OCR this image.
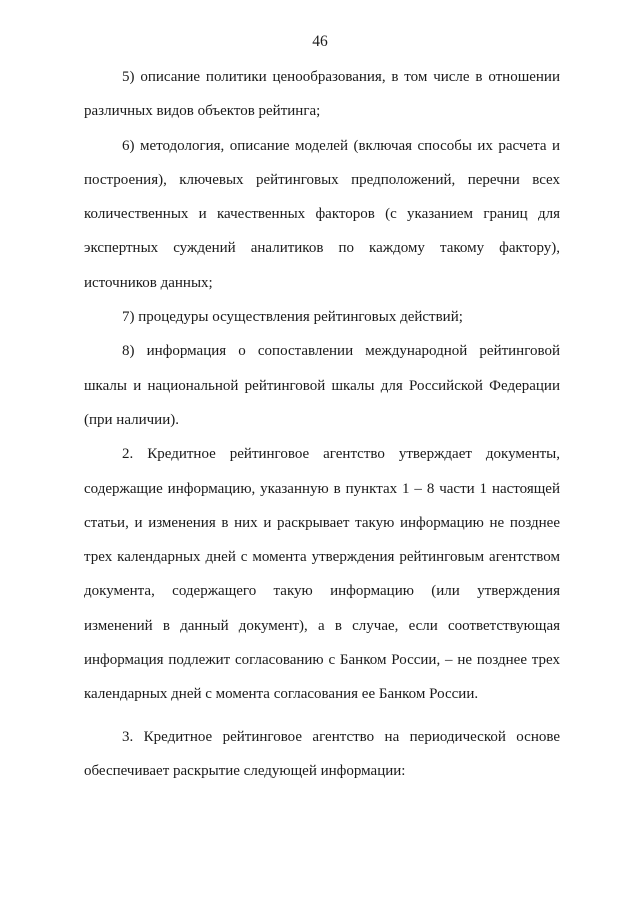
46

5) описание политики ценообразования, в том числе в отношении различных видов объектов рейтинга;

6) методология, описание моделей (включая способы их расчета и построения), ключевых рейтинговых предположений, перечни всех количественных и качественных факторов (с указанием границ для экспертных суждений аналитиков по каждому такому фактору), источников данных;

7) процедуры осуществления рейтинговых действий;

8) информация о сопоставлении международной рейтинговой шкалы и национальной рейтинговой шкалы для Российской Федерации (при наличии).

2. Кредитное рейтинговое агентство утверждает документы, содержащие информацию, указанную в пунктах 1 – 8 части 1 настоящей статьи, и изменения в них и раскрывает такую информацию не позднее трех календарных дней с момента утверждения рейтинговым агентством документа, содержащего такую информацию (или утверждения изменений в данный документ), а в случае, если соответствующая информация подлежит согласованию с Банком России, – не позднее трех календарных дней с момента согласования ее Банком России.

3. Кредитное рейтинговое агентство на периодической основе обеспечивает раскрытие следующей информации:
